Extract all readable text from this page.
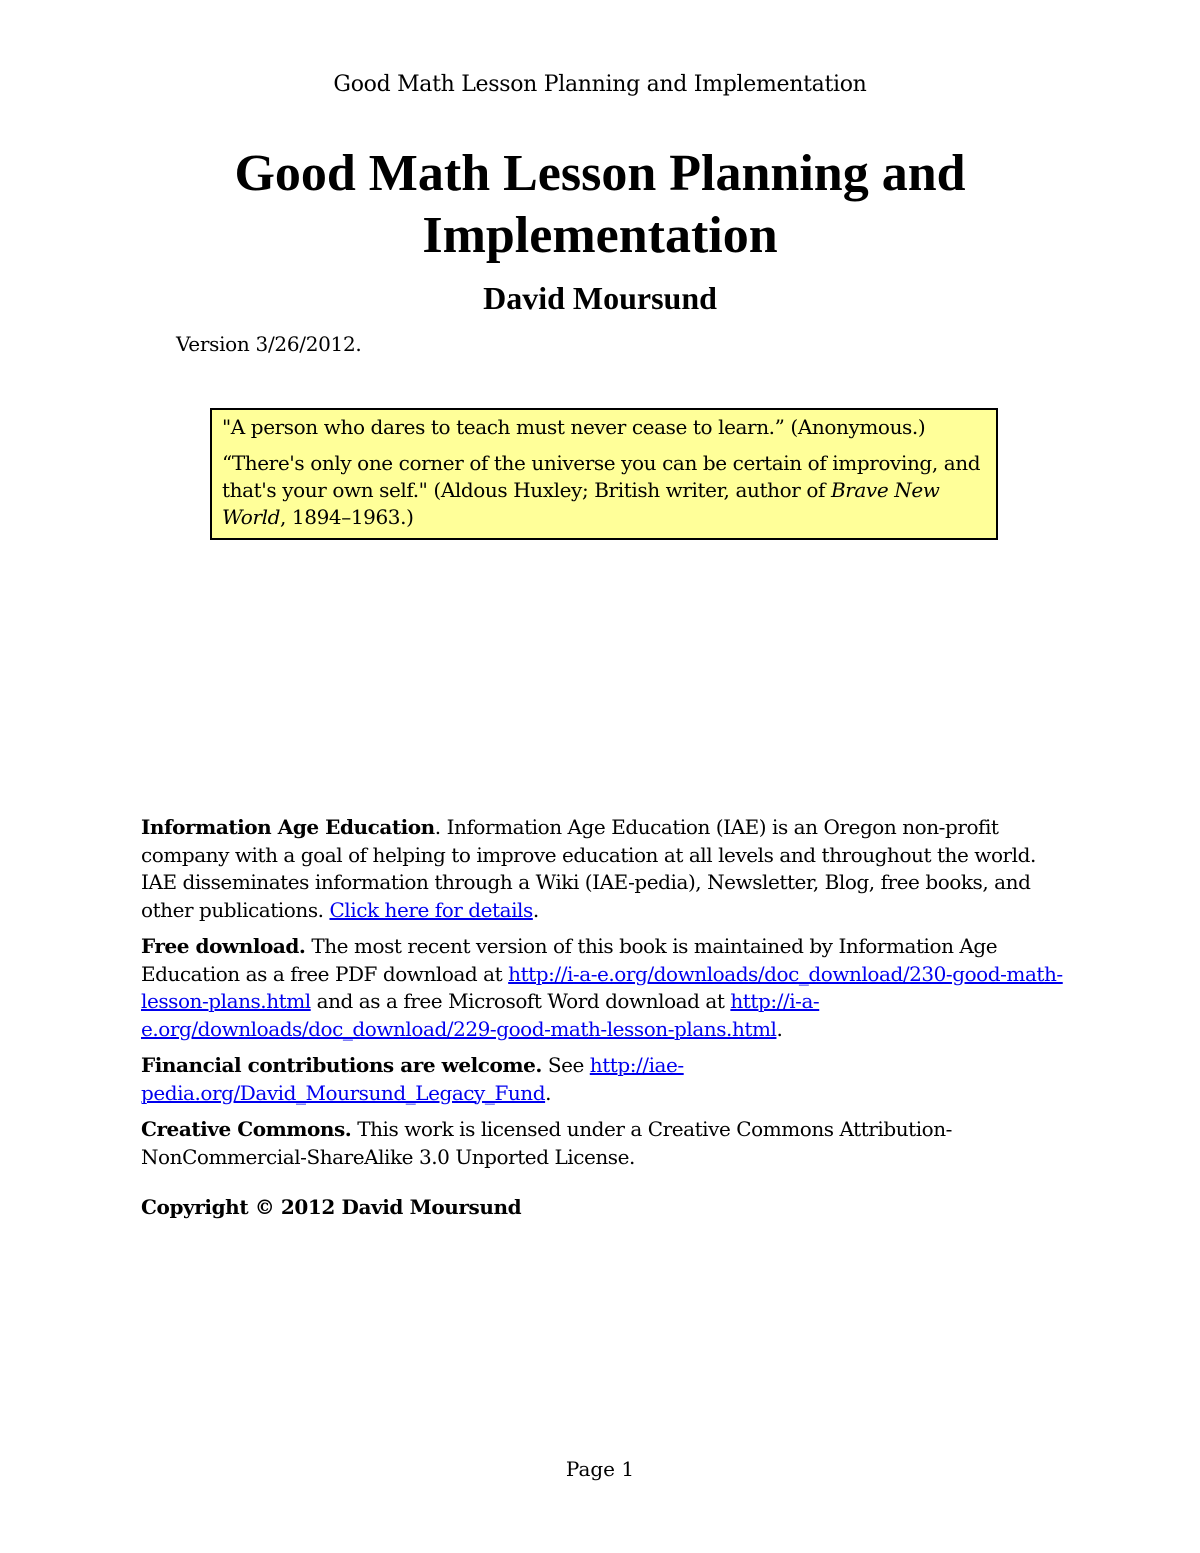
Good Math Lesson Planning and Implementation
Good Math Lesson Planning and
Implementation
David Moursund
Version 3/26/2012.

"A person who dares to teach must never cease to learn.” (Anonymous.)

“There's only one corner of the universe you can be certain of improving, and that's your own self." (Aldous Huxley; British writer, author of Brave New World, 1894–1963.)

Information Age Education. Information Age Education (IAE) is an Oregon non-profit company with a goal of helping to improve education at all levels and throughout the world. IAE disseminates information through a Wiki (IAE-pedia), Newsletter, Blog, free books, and other publications. Click here for details.

Free download. The most recent version of this book is maintained by Information Age Education as a free PDF download at http://i-a-e.org/downloads/doc_download/230-good-math-
lesson-plans.html and as a free Microsoft Word download at http://i-a-
e.org/downloads/doc_download/229-good-math-lesson-plans.html.

Financial contributions are welcome. See http://iae-pedia.org/David_Moursund_Legacy_Fund.

Creative Commons. This work is licensed under a Creative Commons Attribution-NonCommercial-ShareAlike 3.0 Unported License.

Copyright © 2012 David Moursund
Page 1
